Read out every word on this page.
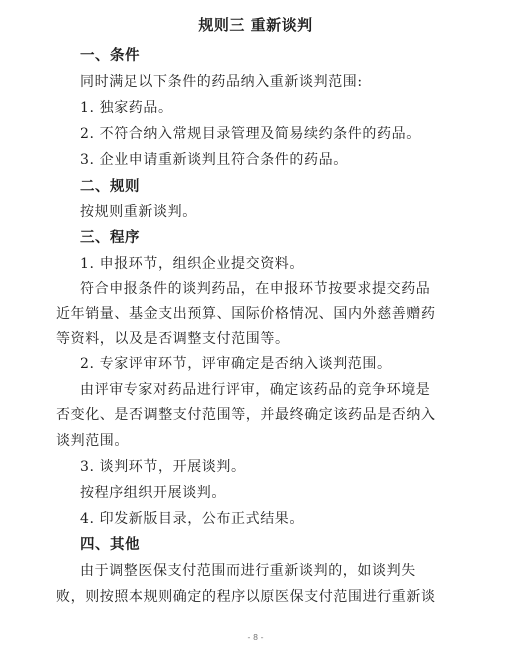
规则三 重新谈判
一、条件
同时满足以下条件的药品纳入重新谈判范围:
1. 独家药品。
2. 不符合纳入常规目录管理及简易续约条件的药品。
3. 企业申请重新谈判且符合条件的药品。
二、规则
按规则重新谈判。
三、程序
1. 申报环节，组织企业提交资料。
符合申报条件的谈判药品，在申报环节按要求提交药品
近年销量、基金支出预算、国际价格情况、国内外慈善赠药
等资料，以及是否调整支付范围等。
2. 专家评审环节，评审确定是否纳入谈判范围。
由评审专家对药品进行评审，确定该药品的竞争环境是
否变化、是否调整支付范围等，并最终确定该药品是否纳入
谈判范围。
3. 谈判环节，开展谈判。
按程序组织开展谈判。
4. 印发新版目录，公布正式结果。
四、其他
由于调整医保支付范围而进行重新谈判的，如谈判失
败，则按照本规则确定的程序以原医保支付范围进行重新谈
- 8 -
